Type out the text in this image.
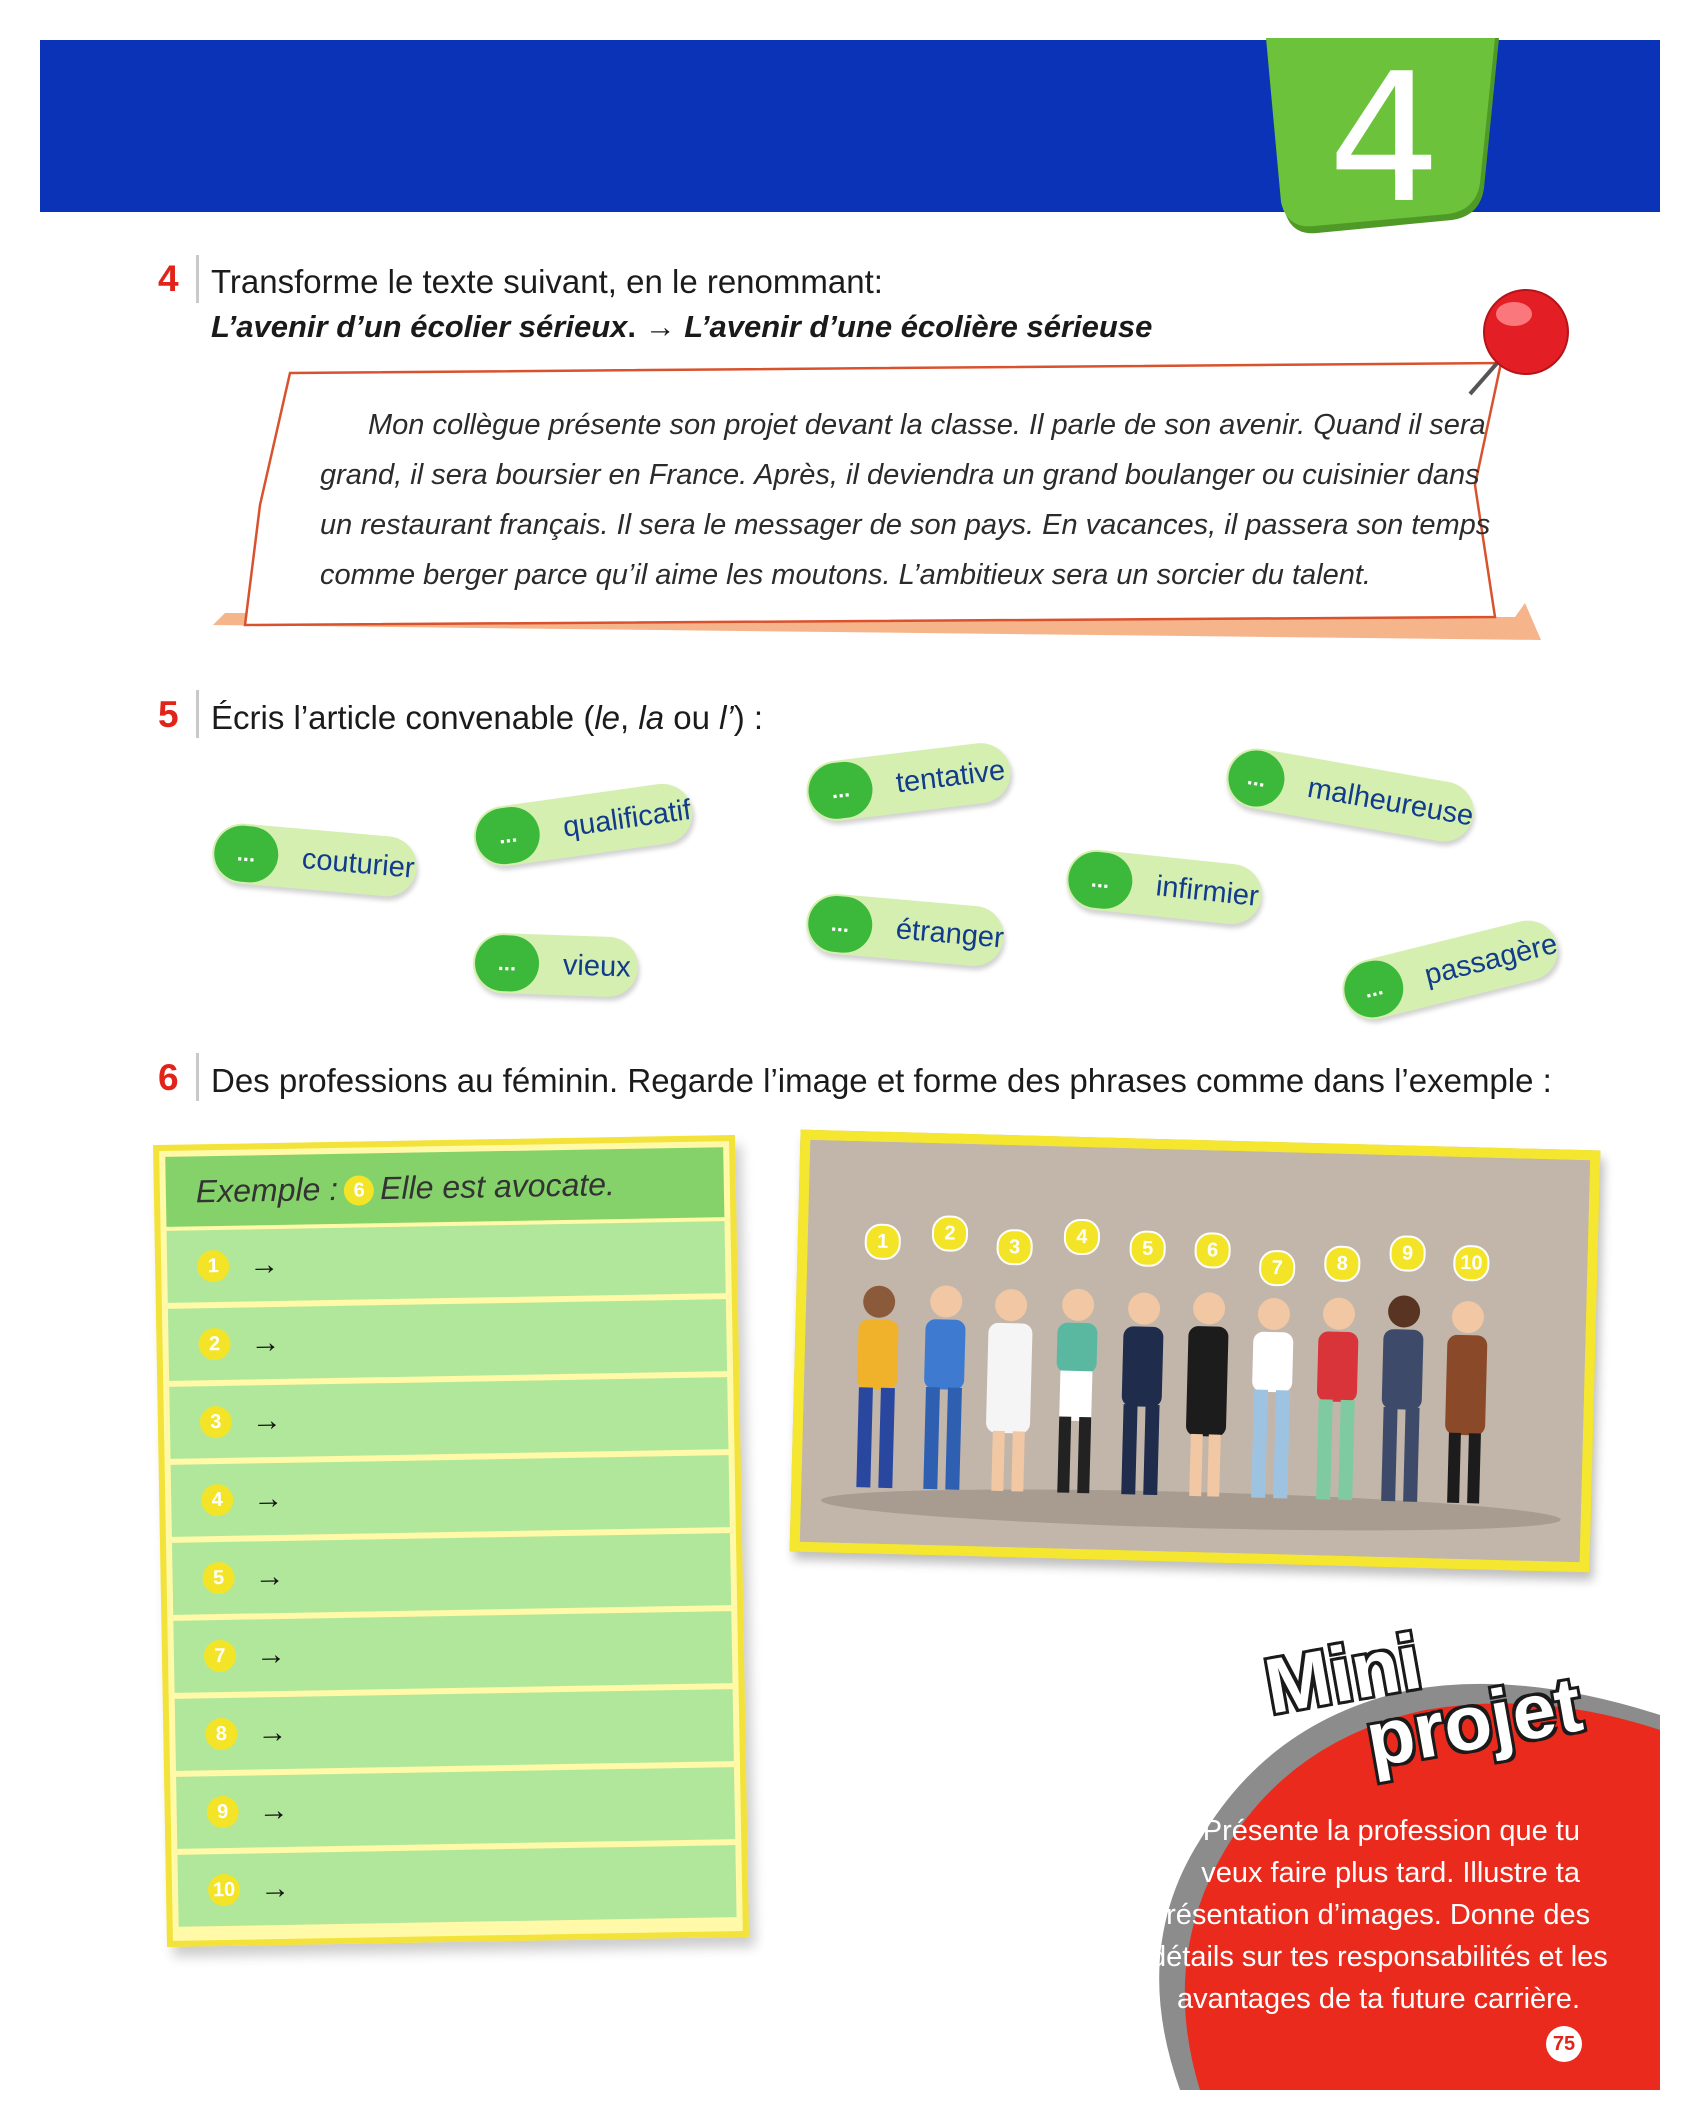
4
4 Transforme le texte suivant, en le renommant:
L’avenir d’un écolier sérieux. → L’avenir d’une écolière sérieuse
Mon collègue présente son projet devant la classe. Il parle de son avenir. Quand il sera
grand, il sera boursier en France. Après, il deviendra un grand boulanger ou cuisinier dans
un restaurant français. Il sera le messager de son pays. En vacances, il passera son temps
comme berger parce qu’il aime les moutons. L’ambitieux sera un sorcier du talent.
5 Écris l’article convenable (le, la ou l’) :
...	couturier
...	qualificatif
...	vieux
...	tentative
...	étranger
...	infirmier
...	malheureuse
...	passagère
6 Des professions au féminin. Regarde l’image et forme des phrases comme dans l’exemple :
Exemple : 6 Elle est avocate.
1 →
2 →
3 →
4 →
5 →
7 →
8 →
9 →
10 →
1	2
3	4
5	6
7	8	9	10
Mini
projet
Présente la profession que tu
veux faire plus tard. Illustre ta
présentation d’images. Donne des
détails sur tes responsabilités et les
avantages de ta future carrière.
75
